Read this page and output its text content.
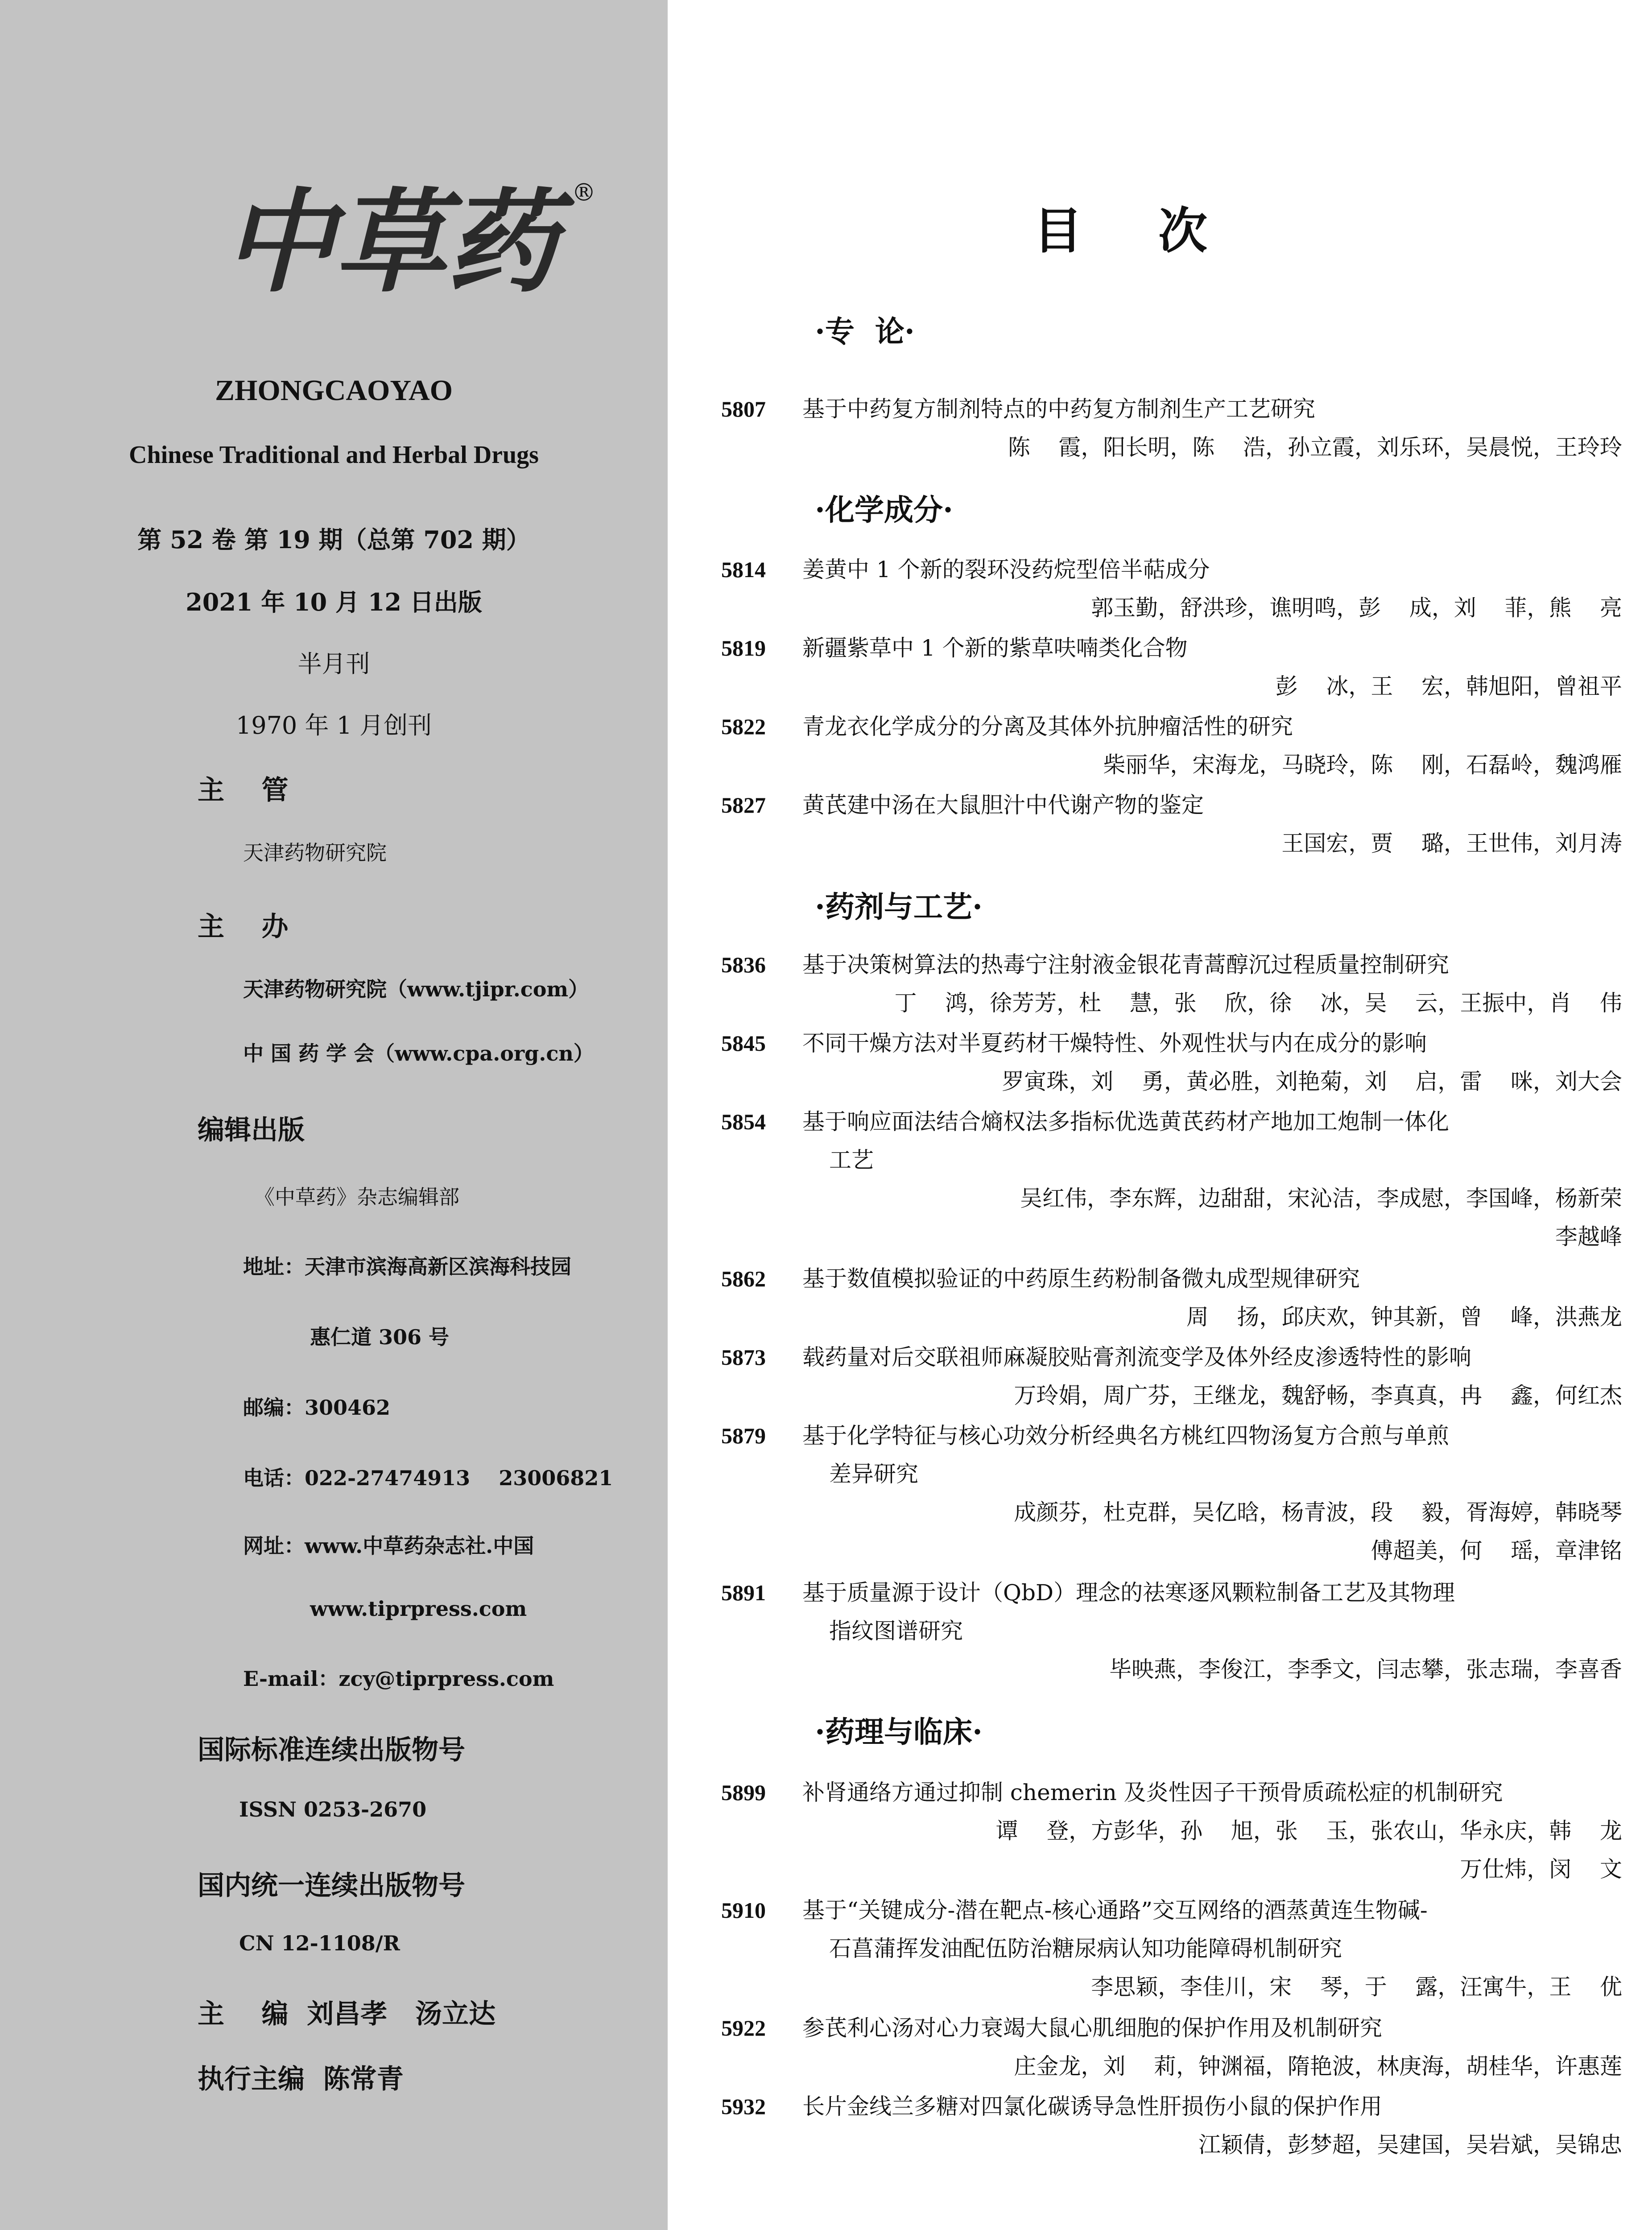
中草药 ®
ZHONGCAOYAO
Chinese Traditional and Herbal Drugs
第 52 卷 第 19 期（总第 702 期）
2021 年 10 月 12 日出版
半月刊
1970 年 1 月创刊
主    管
天津药物研究院
主    办
天津药物研究院（www.tjipr.com）
中 国 药 学 会（www.cpa.org.cn）
编辑出版
《中草药》杂志编辑部
地址：天津市滨海高新区滨海科技园
惠仁道 306 号
邮编：300462
电话：022-27474913    23006821
网址：www.中草药杂志社.中国
www.tiprpress.com
E-mail：zcy@tiprpress.com
国际标准连续出版物号
ISSN 0253-2670
国内统一连续出版物号
CN 12-1108/R
主    编  刘昌孝   汤立达
执行主编  陈常青
目次
·专  论·
5807 基于中药复方制剂特点的中药复方制剂生产工艺研究
陈    霞，阳长明，陈    浩，孙立霞，刘乐环，吴晨悦，王玲玲
·化学成分·
5814 姜黄中 1 个新的裂环没药烷型倍半萜成分
郭玉勤，舒洪珍，谯明鸣，彭    成，刘    菲，熊    亮
5819 新疆紫草中 1 个新的紫草呋喃类化合物
彭    冰，王    宏，韩旭阳，曾祖平
5822 青龙衣化学成分的分离及其体外抗肿瘤活性的研究
柴丽华，宋海龙，马晓玲，陈    刚，石磊岭，魏鸿雁
5827 黄芪建中汤在大鼠胆汁中代谢产物的鉴定
王国宏，贾    璐，王世伟，刘月涛
·药剂与工艺·
5836 基于决策树算法的热毒宁注射液金银花青蒿醇沉过程质量控制研究
丁    鸿，徐芳芳，杜    慧，张    欣，徐    冰，吴    云，王振中，肖    伟
5845 不同干燥方法对半夏药材干燥特性、外观性状与内在成分的影响
罗寅珠，刘    勇，黄必胜，刘艳菊，刘    启，雷    咪，刘大会
5854 基于响应面法结合熵权法多指标优选黄芪药材产地加工炮制一体化
工艺
吴红伟，李东辉，边甜甜，宋沁洁，李成慰，李国峰，杨新荣
李越峰
5862 基于数值模拟验证的中药原生药粉制备微丸成型规律研究
周    扬，邱庆欢，钟其新，曾    峰，洪燕龙
5873 载药量对后交联祖师麻凝胶贴膏剂流变学及体外经皮渗透特性的影响
万玲娟，周广芬，王继龙，魏舒畅，李真真，冉    鑫，何红杰
5879 基于化学特征与核心功效分析经典名方桃红四物汤复方合煎与单煎
差异研究
成颜芬，杜克群，吴亿晗，杨青波，段    毅，胥海婷，韩晓琴
傅超美，何    瑶，章津铭
5891 基于质量源于设计（QbD）理念的祛寒逐风颗粒制备工艺及其物理
指纹图谱研究
毕映燕，李俊江，李季文，闫志攀，张志瑞，李喜香
·药理与临床·
5899 补肾通络方通过抑制 chemerin 及炎性因子干预骨质疏松症的机制研究
谭    登，方彭华，孙    旭，张    玉，张农山，华永庆，韩    龙
万仕炜，闵    文
5910 基于“关键成分-潜在靶点-核心通路”交互网络的酒蒸黄连生物碱-
石菖蒲挥发油配伍防治糖尿病认知功能障碍机制研究
李思颖，李佳川，宋    琴，于    露，汪寓牛，王    优
5922 参芪利心汤对心力衰竭大鼠心肌细胞的保护作用及机制研究
庄金龙，刘    莉，钟渊福，隋艳波，林庚海，胡桂华，许惠莲
5932 长片金线兰多糖对四氯化碳诱导急性肝损伤小鼠的保护作用
江颖倩，彭梦超，吴建国，吴岩斌，吴锦忠
